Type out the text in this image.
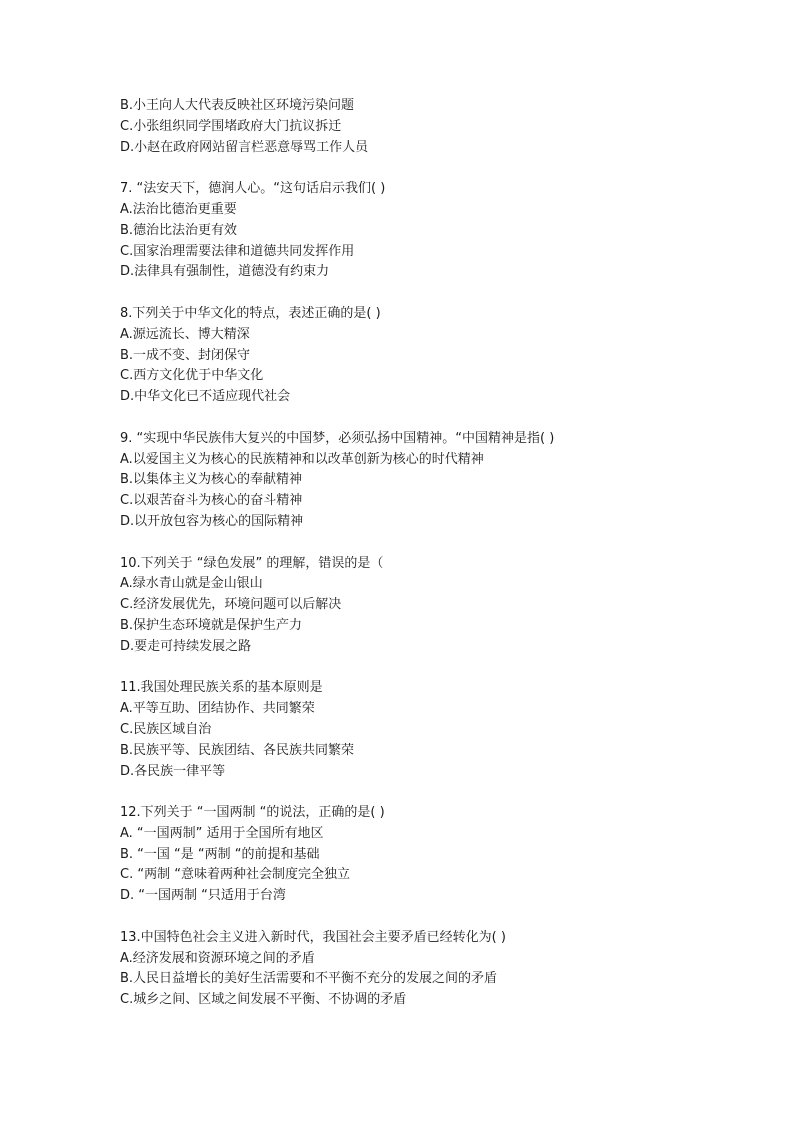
B.小王向人大代表反映社区环境污染问题
C.小张组织同学围堵政府大门抗议拆迁
D.小赵在政府网站留言栏恶意辱骂工作人员
7. “法安天下，德润人心。“这句话启示我们( )
A.法治比德治更重要
B.德治比法治更有效
C.国家治理需要法律和道德共同发挥作用
D.法律具有强制性，道德没有约束力
8.下列关于中华文化的特点，表述正确的是( )
A.源远流长、博大精深
B.一成不变、封闭保守
C.西方文化优于中华文化
D.中华文化已不适应现代社会
9. “实现中华民族伟大复兴的中国梦，必须弘扬中国精神。“中国精神是指( )
A.以爱国主义为核心的民族精神和以改革创新为核心的时代精神
B.以集体主义为核心的奉献精神
C.以艰苦奋斗为核心的奋斗精神
D.以开放包容为核心的国际精神
10.下列关于 “绿色发展” 的理解，错误的是（
A.绿水青山就是金山银山
C.经济发展优先，环境问题可以后解决
B.保护生态环境就是保护生产力
D.要走可持续发展之路
11.我国处理民族关系的基本原则是
A.平等互助、团结协作、共同繁荣
C.民族区域自治
B.民族平等、民族团结、各民族共同繁荣
D.各民族一律平等
12.下列关于 “一国两制 “的说法，正确的是( )
A. “一国两制” 适用于全国所有地区
B. “一国 “是 “两制 “的前提和基础
C. “两制 “意味着两种社会制度完全独立
D. “一国两制 “只适用于台湾
13.中国特色社会主义进入新时代，我国社会主要矛盾已经转化为( )
A.经济发展和资源环境之间的矛盾
B.人民日益增长的美好生活需要和不平衡不充分的发展之间的矛盾
C.城乡之间、区域之间发展不平衡、不协调的矛盾
